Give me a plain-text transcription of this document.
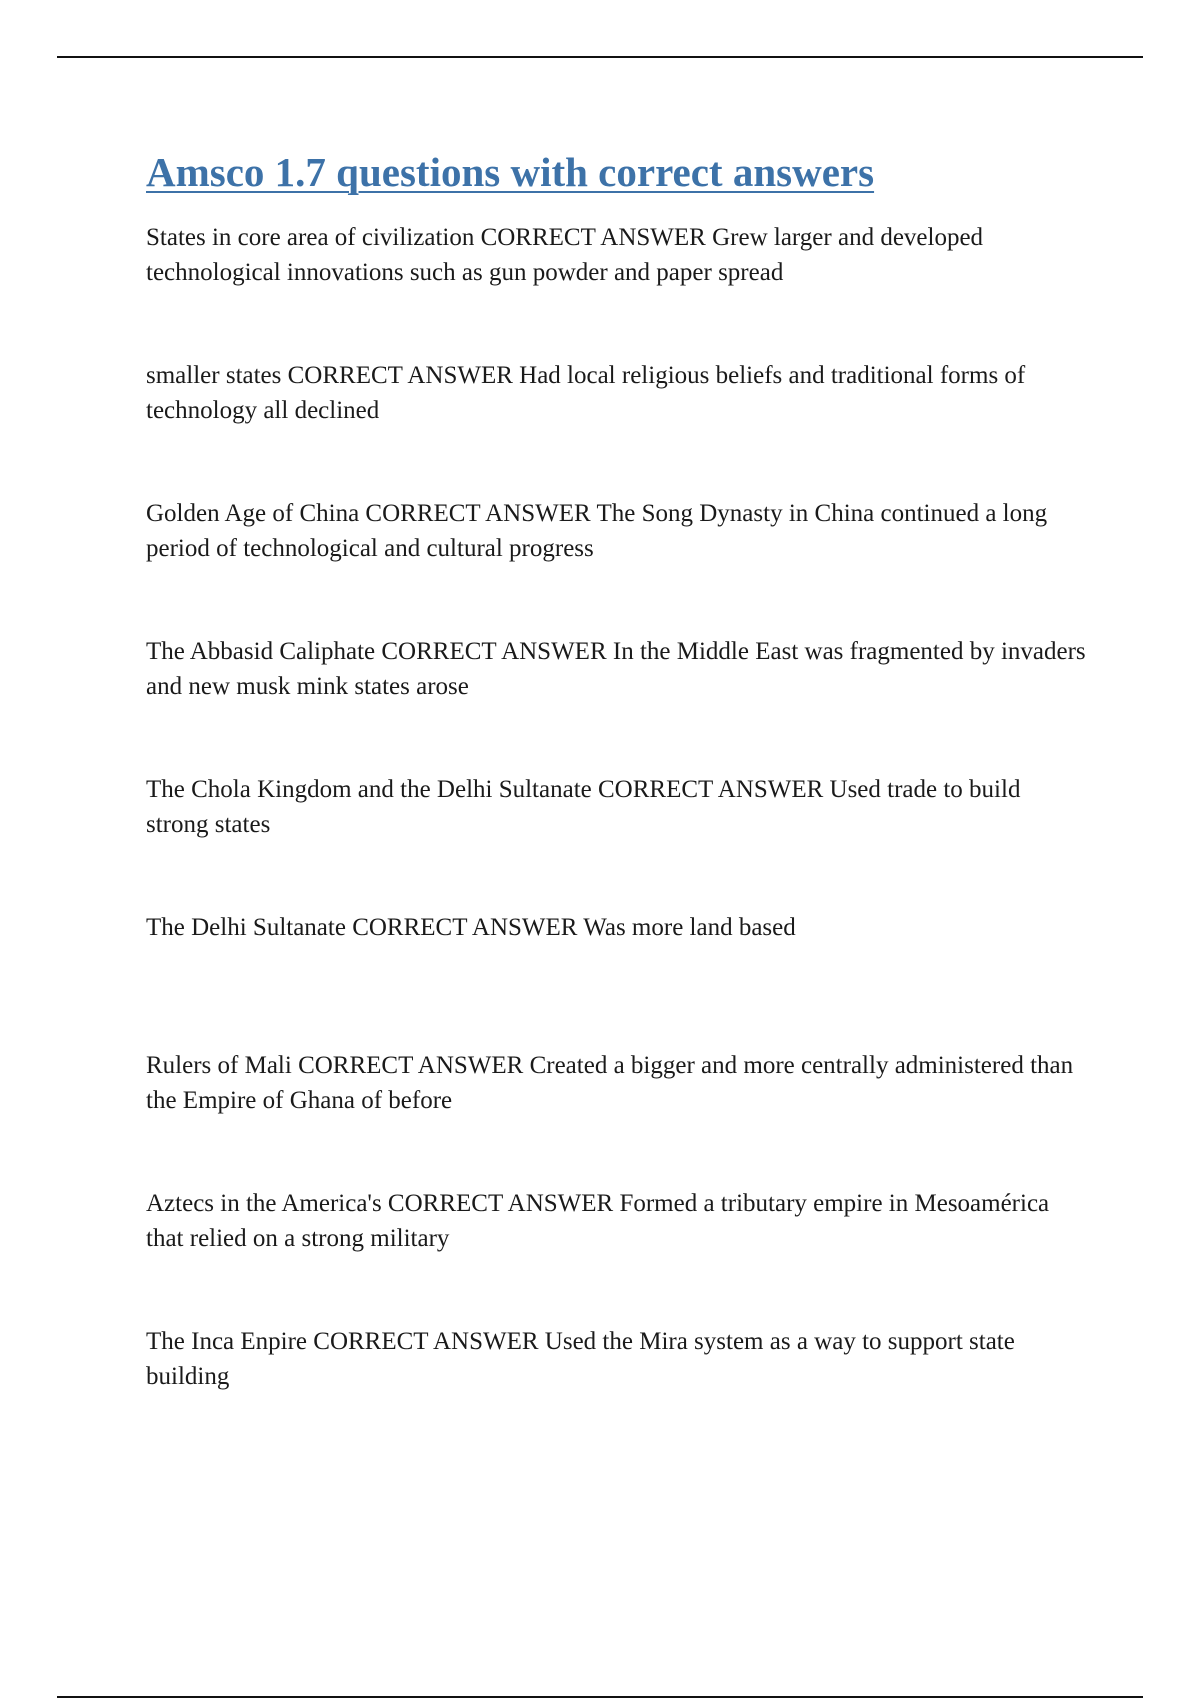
Amsco 1.7 questions with correct answers

States in core area of civilization CORRECT ANSWER Grew larger and developed technological innovations such as gun powder and paper spread

smaller states CORRECT ANSWER Had local religious beliefs and traditional forms of technology all declined

Golden Age of China CORRECT ANSWER The Song Dynasty in China continued a long period of technological and cultural progress

The Abbasid Caliphate CORRECT ANSWER In the Middle East was fragmented by invaders and new musk mink states arose

The Chola Kingdom and the Delhi Sultanate CORRECT ANSWER Used trade to build strong states

The Delhi Sultanate CORRECT ANSWER Was more land based

Rulers of Mali CORRECT ANSWER Created a bigger and more centrally administered than the Empire of Ghana of before

Aztecs in the America's CORRECT ANSWER Formed a tributary empire in Mesoamérica that relied on a strong military

The Inca Enpire CORRECT ANSWER Used the Mira system as a way to support state building
